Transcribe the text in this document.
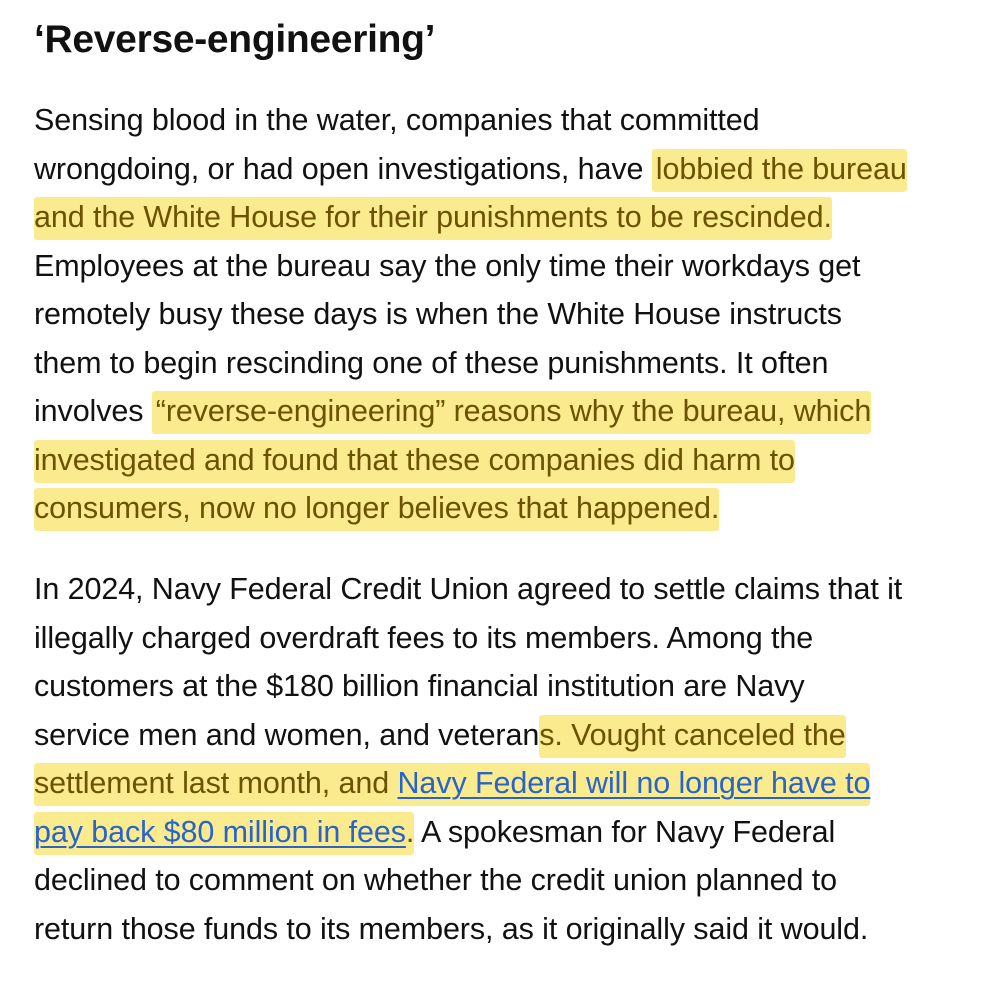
‘Reverse-engineering’

Sensing blood in the water, companies that committed
wrongdoing, or had open investigations, have lobbied the bureau
and the White House for their punishments to be rescinded.
Employees at the bureau say the only time their workdays get
remotely busy these days is when the White House instructs
them to begin rescinding one of these punishments. It often
involves “reverse-engineering” reasons why the bureau, which
investigated and found that these companies did harm to
consumers, now no longer believes that happened.

In 2024, Navy Federal Credit Union agreed to settle claims that it
illegally charged overdraft fees to its members. Among the
customers at the $180 billion financial institution are Navy
service men and women, and veterans. Vought canceled the
settlement last month, and Navy Federal will no longer have to
pay back $80 million in fees. A spokesman for Navy Federal
declined to comment on whether the credit union planned to
return those funds to its members, as it originally said it would.
